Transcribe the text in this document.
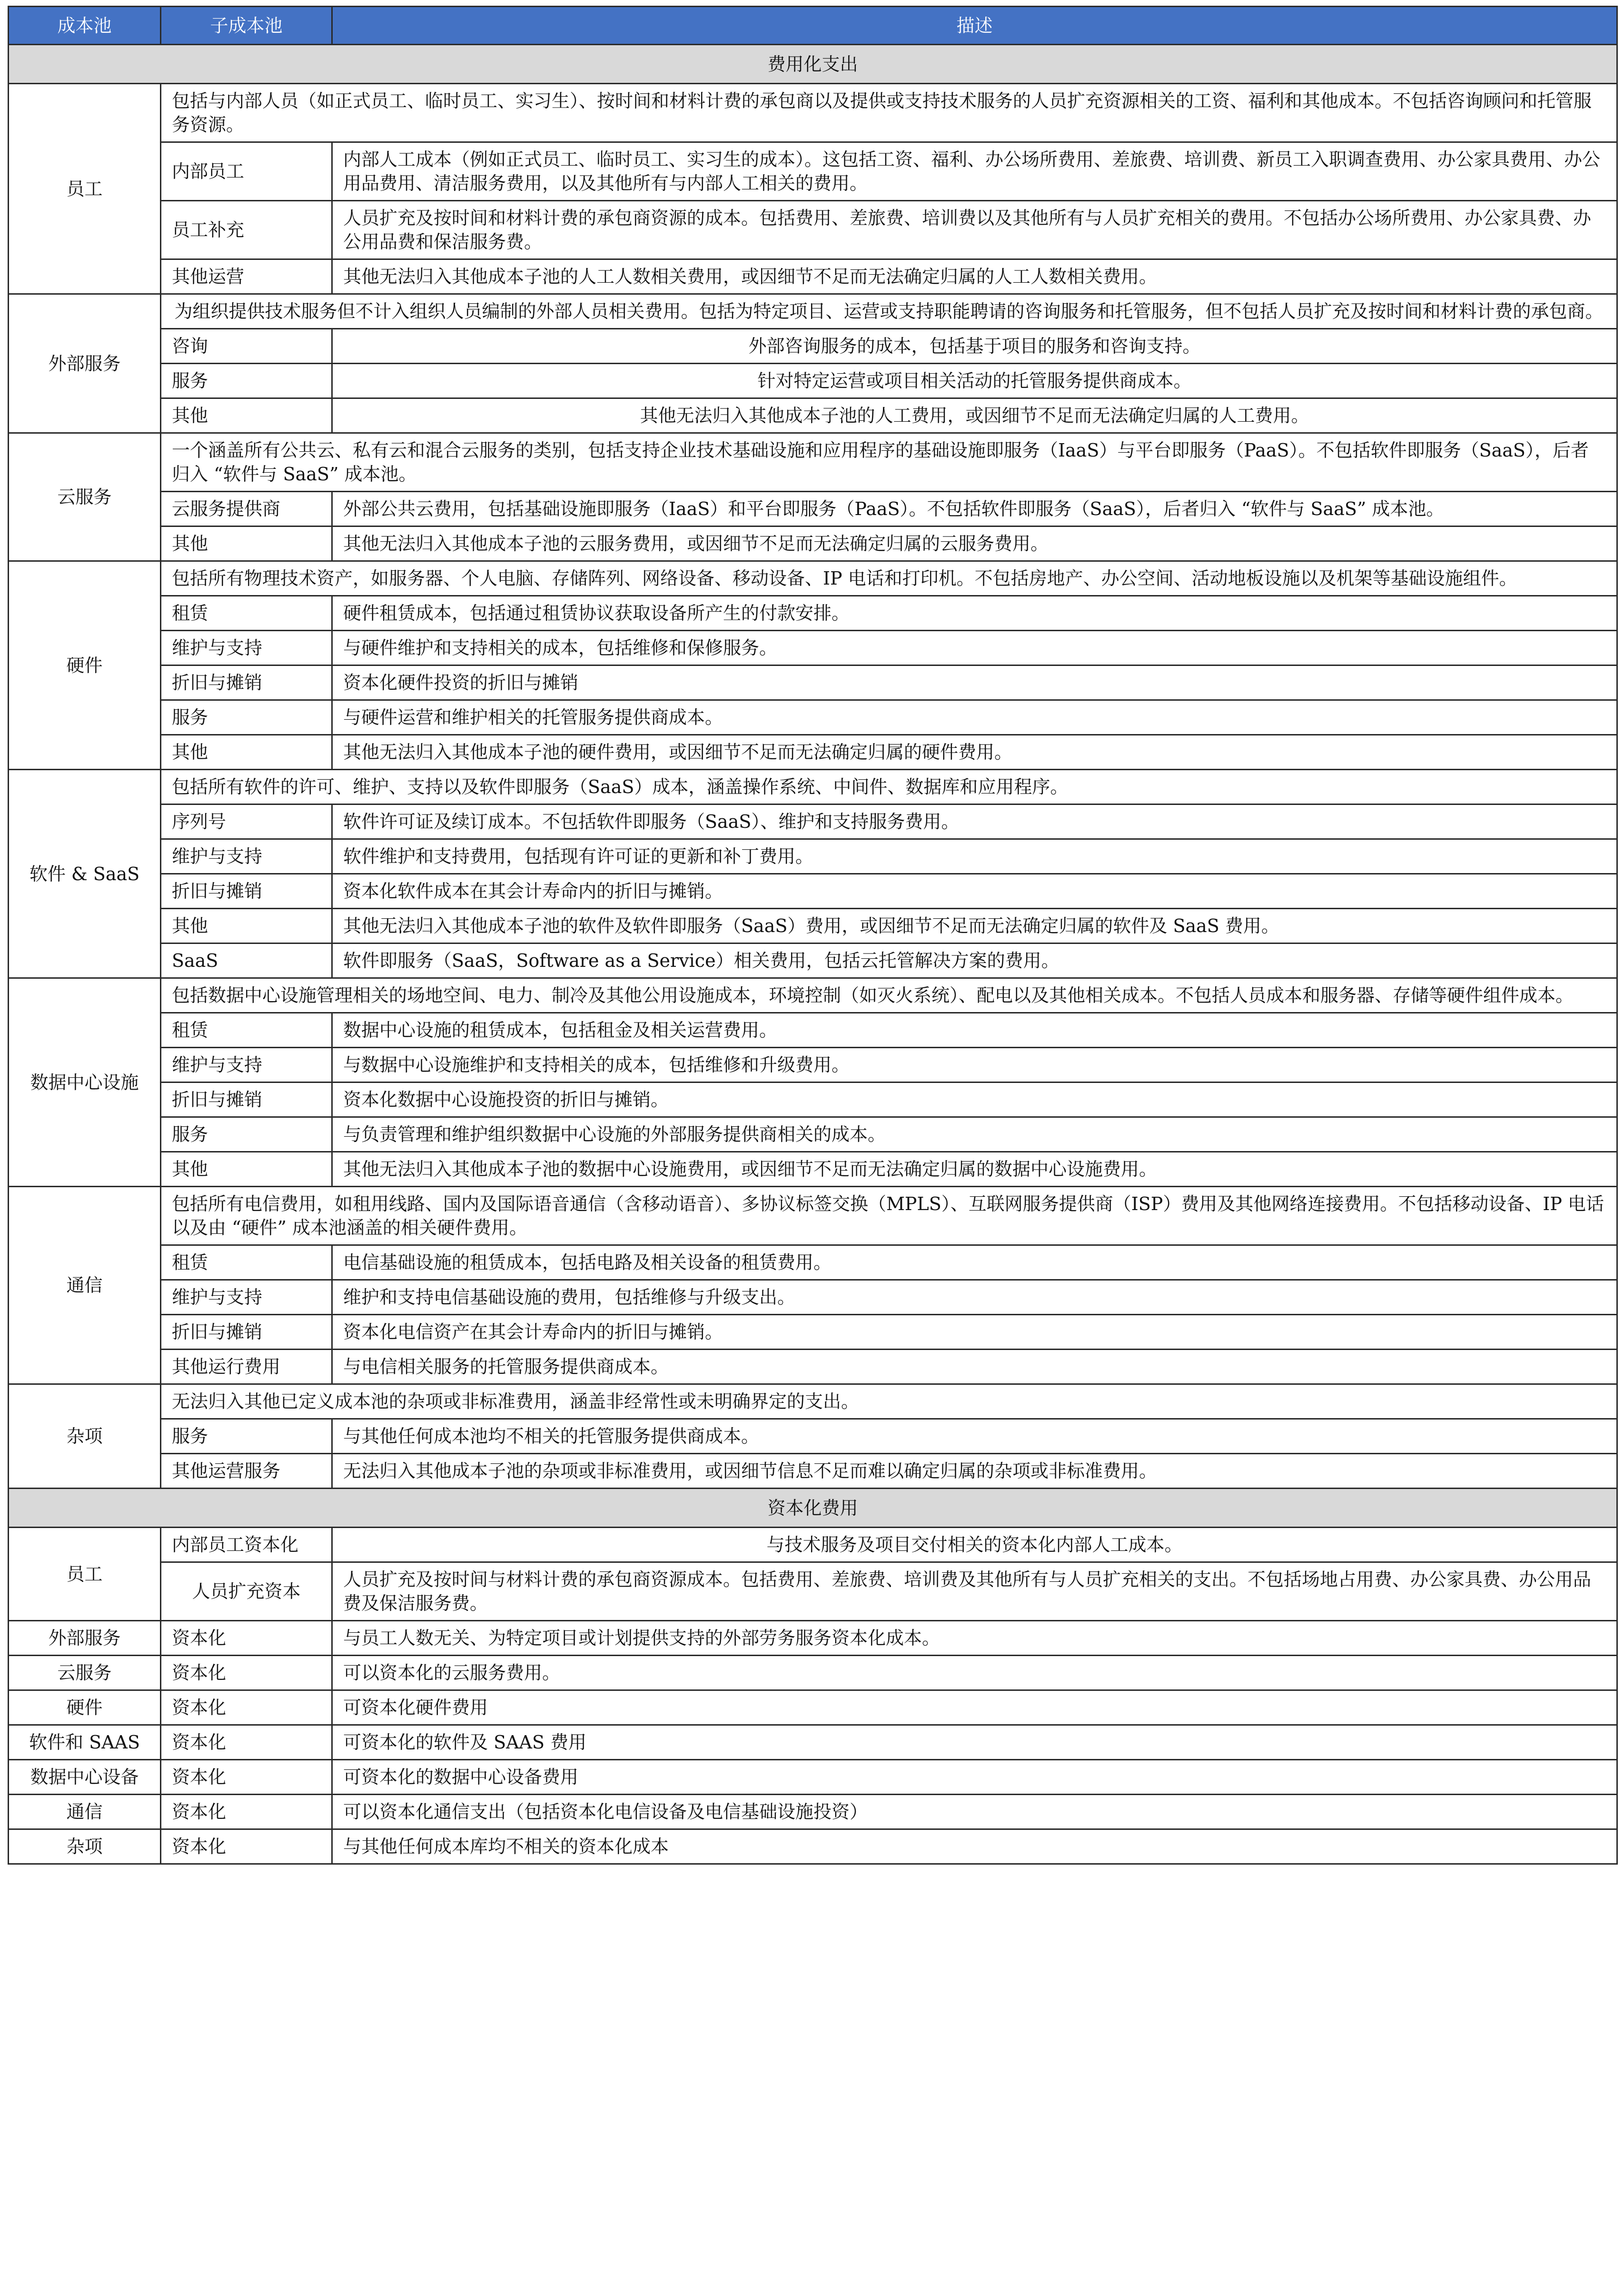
成本池	子成本池	描述
费用化支出		
员工	包括与内部人员（如正式员工、临时员工、实习生）、按时间和材料计费的承包商以及提供或支持技术服务的人员扩充资源相关的工资、福利和其他成本。不包括咨询顾问和托管服务资源。	
	内部员工	内部人工成本（例如正式员工、临时员工、实习生的成本）。这包括工资、福利、办公场所费用、差旅费、培训费、新员工入职调查费用、办公家具费用、办公用品费用、清洁服务费用，以及其他所有与内部人工相关的费用。
	员工补充	人员扩充及按时间和材料计费的承包商资源的成本。包括费用、差旅费、培训费以及其他所有与人员扩充相关的费用。不包括办公场所费用、办公家具费、办公用品费和保洁服务费。
	其他运营	其他无法归入其他成本子池的人工人数相关费用，或因细节不足而无法确定归属的人工人数相关费用。
外部服务	为组织提供技术服务但不计入组织人员编制的外部人员相关费用。包括为特定项目、运营或支持职能聘请的咨询服务和托管服务，但不包括人员扩充及按时间和材料计费的承包商。	
	咨询	外部咨询服务的成本，包括基于项目的服务和咨询支持。
	服务	针对特定运营或项目相关活动的托管服务提供商成本。
	其他	其他无法归入其他成本子池的人工费用，或因细节不足而无法确定归属的人工费用。
云服务	一个涵盖所有公共云、私有云和混合云服务的类别，包括支持企业技术基础设施和应用程序的基础设施即服务（IaaS）与平台即服务（PaaS）。不包括软件即服务（SaaS），后者归入 “软件与 SaaS” 成本池。	
	云服务提供商	外部公共云费用，包括基础设施即服务（IaaS）和平台即服务（PaaS）。不包括软件即服务（SaaS），后者归入 “软件与 SaaS” 成本池。
	其他	其他无法归入其他成本子池的云服务费用，或因细节不足而无法确定归属的云服务费用。
硬件	包括所有物理技术资产，如服务器、个人电脑、存储阵列、网络设备、移动设备、IP 电话和打印机。不包括房地产、办公空间、活动地板设施以及机架等基础设施组件。	
	租赁	硬件租赁成本，包括通过租赁协议获取设备所产生的付款安排。
	维护与支持	与硬件维护和支持相关的成本，包括维修和保修服务。
	折旧与摊销	资本化硬件投资的折旧与摊销
	服务	与硬件运营和维护相关的托管服务提供商成本。
	其他	其他无法归入其他成本子池的硬件费用，或因细节不足而无法确定归属的硬件费用。
软件 & SaaS	包括所有软件的许可、维护、支持以及软件即服务（SaaS）成本，涵盖操作系统、中间件、数据库和应用程序。	
	序列号	软件许可证及续订成本。不包括软件即服务（SaaS）、维护和支持服务费用。
	维护与支持	软件维护和支持费用，包括现有许可证的更新和补丁费用。
	折旧与摊销	资本化软件成本在其会计寿命内的折旧与摊销。
	其他	其他无法归入其他成本子池的软件及软件即服务（SaaS）费用，或因细节不足而无法确定归属的软件及 SaaS 费用。
	SaaS	软件即服务（SaaS，Software as a Service）相关费用，包括云托管解决方案的费用。
数据中心设施	包括数据中心设施管理相关的场地空间、电力、制冷及其他公用设施成本，环境控制（如灭火系统）、配电以及其他相关成本。不包括人员成本和服务器、存储等硬件组件成本。	
	租赁	数据中心设施的租赁成本，包括租金及相关运营费用。
	维护与支持	与数据中心设施维护和支持相关的成本，包括维修和升级费用。
	折旧与摊销	资本化数据中心设施投资的折旧与摊销。
	服务	与负责管理和维护组织数据中心设施的外部服务提供商相关的成本。
	其他	其他无法归入其他成本子池的数据中心设施费用，或因细节不足而无法确定归属的数据中心设施费用。
通信	包括所有电信费用，如租用线路、国内及国际语音通信（含移动语音）、多协议标签交换（MPLS）、互联网服务提供商（ISP）费用及其他网络连接费用。不包括移动设备、IP 电话以及由 “硬件” 成本池涵盖的相关硬件费用。	
	租赁	电信基础设施的租赁成本，包括电路及相关设备的租赁费用。
	维护与支持	维护和支持电信基础设施的费用，包括维修与升级支出。
	折旧与摊销	资本化电信资产在其会计寿命内的折旧与摊销。
	其他运行费用	与电信相关服务的托管服务提供商成本。
杂项	无法归入其他已定义成本池的杂项或非标准费用，涵盖非经常性或未明确界定的支出。	
	服务	与其他任何成本池均不相关的托管服务提供商成本。
	其他运营服务	无法归入其他成本子池的杂项或非标准费用，或因细节信息不足而难以确定归属的杂项或非标准费用。
资本化费用		
员工	内部员工资本化	与技术服务及项目交付相关的资本化内部人工成本。
	人员扩充资本	人员扩充及按时间与材料计费的承包商资源成本。包括费用、差旅费、培训费及其他所有与人员扩充相关的支出。不包括场地占用费、办公家具费、办公用品费及保洁服务费。
外部服务	资本化	与员工人数无关、为特定项目或计划提供支持的外部劳务服务资本化成本。
云服务	资本化	可以资本化的云服务费用。
硬件	资本化	可资本化硬件费用
软件和 SAAS	资本化	可资本化的软件及 SAAS 费用
数据中心设备	资本化	可资本化的数据中心设备费用
通信	资本化	可以资本化通信支出（包括资本化电信设备及电信基础设施投资）
杂项	资本化	与其他任何成本库均不相关的资本化成本
